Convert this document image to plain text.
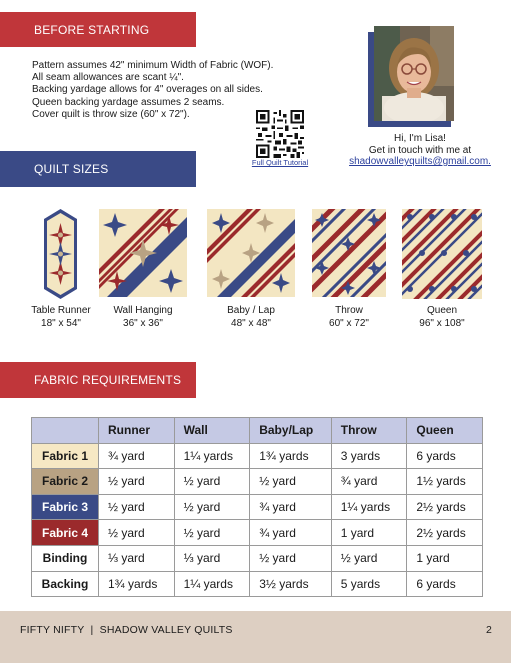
BEFORE STARTING
Pattern assumes 42" minimum Width of Fabric (WOF).
All seam allowances are scant ¼".
Backing yardage allows for 4" overages on all sides.
Queen backing yardage assumes 2 seams.
Cover quilt is throw size (60" x 72").
Full Quilt Tutorial
Hi, I'm Lisa!
Get in touch with me at
shadowvalleyquilts@gmail.com.
QUILT SIZES
Table Runner
18" x 54"
Wall Hanging
36" x 36"
Baby / Lap
48" x 48"
Throw
60" x 72"
Queen
96" x 108"
FABRIC REQUIREMENTS
	Runner	Wall	Baby/Lap	Throw	Queen
Fabric 1	¾ yard	1¼ yards	1¾ yards	3 yards	6 yards
Fabric 2	½ yard	½ yard	½ yard	¾ yard	1½ yards
Fabric 3	½ yard	½ yard	¾ yard	1¼ yards	2½ yards
Fabric 4	½ yard	½ yard	¾ yard	1 yard	2½ yards
Binding	⅓ yard	⅓ yard	½ yard	½ yard	1 yard
Backing	1¾ yards	1¼ yards	3½ yards	5 yards	6 yards
FIFTY NIFTY  |  SHADOW VALLEY QUILTS	2
